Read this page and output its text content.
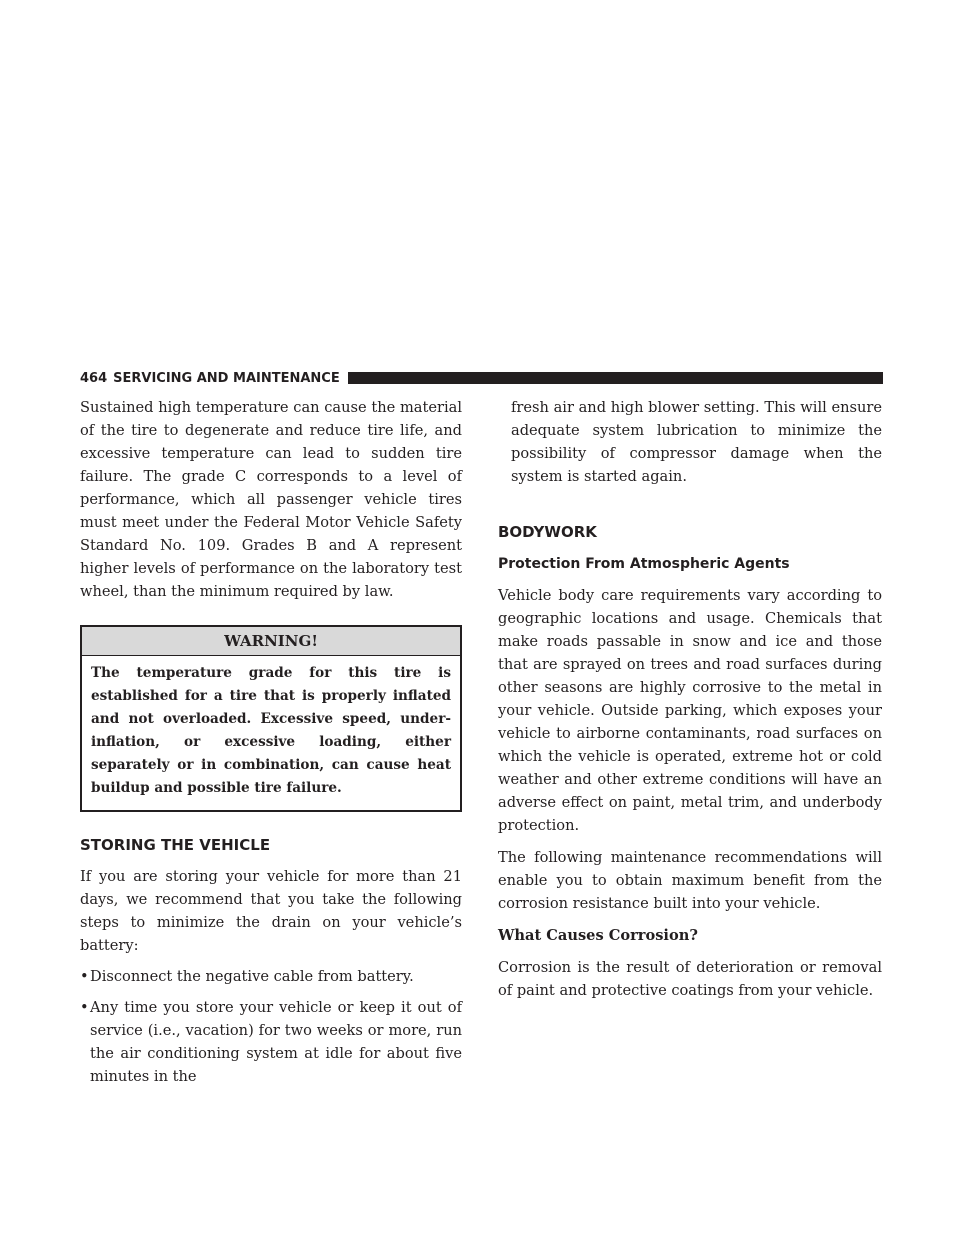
464 SERVICING AND MAINTENANCE

Sustained high temperature can cause the material of the tire to degenerate and reduce tire life, and excessive temperature can lead to sudden tire failure. The grade C corresponds to a level of performance, which all passenger vehicle tires must meet under the Federal Motor Vehicle Safety Standard No. 109. Grades B and A represent higher levels of performance on the laboratory test wheel, than the minimum required by law.

WARNING!
The temperature grade for this tire is established for a tire that is properly inflated and not overloaded. Excessive speed, under-inflation, or excessive loading, either separately or in combination, can cause heat buildup and possible tire failure.
STORING THE VEHICLE

If you are storing your vehicle for more than 21 days, we recommend that you take the following steps to minimize the drain on your vehicle’s battery:

• Disconnect the negative cable from battery.
• Any time you store your vehicle or keep it out of service (i.e., vacation) for two weeks or more, run the air conditioning system at idle for about five minutes in the

fresh air and high blower setting. This will ensure adequate system lubrication to minimize the possibility of compressor damage when the system is started again.

BODYWORK
Protection From Atmospheric Agents

Vehicle body care requirements vary according to geographic locations and usage. Chemicals that make roads passable in snow and ice and those that are sprayed on trees and road surfaces during other seasons are highly corrosive to the metal in your vehicle. Outside parking, which exposes your vehicle to airborne contaminants, road surfaces on which the vehicle is operated, extreme hot or cold weather and other extreme conditions will have an adverse effect on paint, metal trim, and underbody protection.

The following maintenance recommendations will enable you to obtain maximum benefit from the corrosion resistance built into your vehicle.

What Causes Corrosion?

Corrosion is the result of deterioration or removal of paint and protective coatings from your vehicle.
